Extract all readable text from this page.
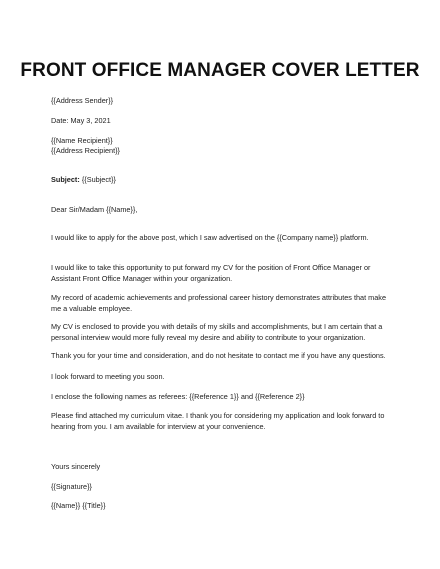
FRONT OFFICE MANAGER COVER LETTER
{{Address Sender}}
Date: May 3, 2021
{{Name Recipient}}
{{Address Recipient}}
Subject: {{Subject}}
Dear Sir/Madam {{Name}},
I would like to apply for the above post, which I saw advertised on the {{Company name}} platform.
I would like to take this opportunity to put forward my CV for the position of Front Office Manager or Assistant Front Office Manager within your organization.
My record of academic achievements and professional career history demonstrates attributes that make me a valuable employee.
My CV is enclosed to provide you with details of my skills and accomplishments, but I am certain that a personal interview would more fully reveal my desire and ability to contribute to your organization.
Thank you for your time and consideration, and do not hesitate to contact me if you have any questions.
I look forward to meeting you soon.
I enclose the following names as referees: {{Reference 1}} and {{Reference 2}}
Please find attached my curriculum vitae. I thank you for considering my application and look forward to hearing from you. I am available for interview at your convenience.
Yours sincerely
{{Signature}}
{{Name}} {{Title}}
